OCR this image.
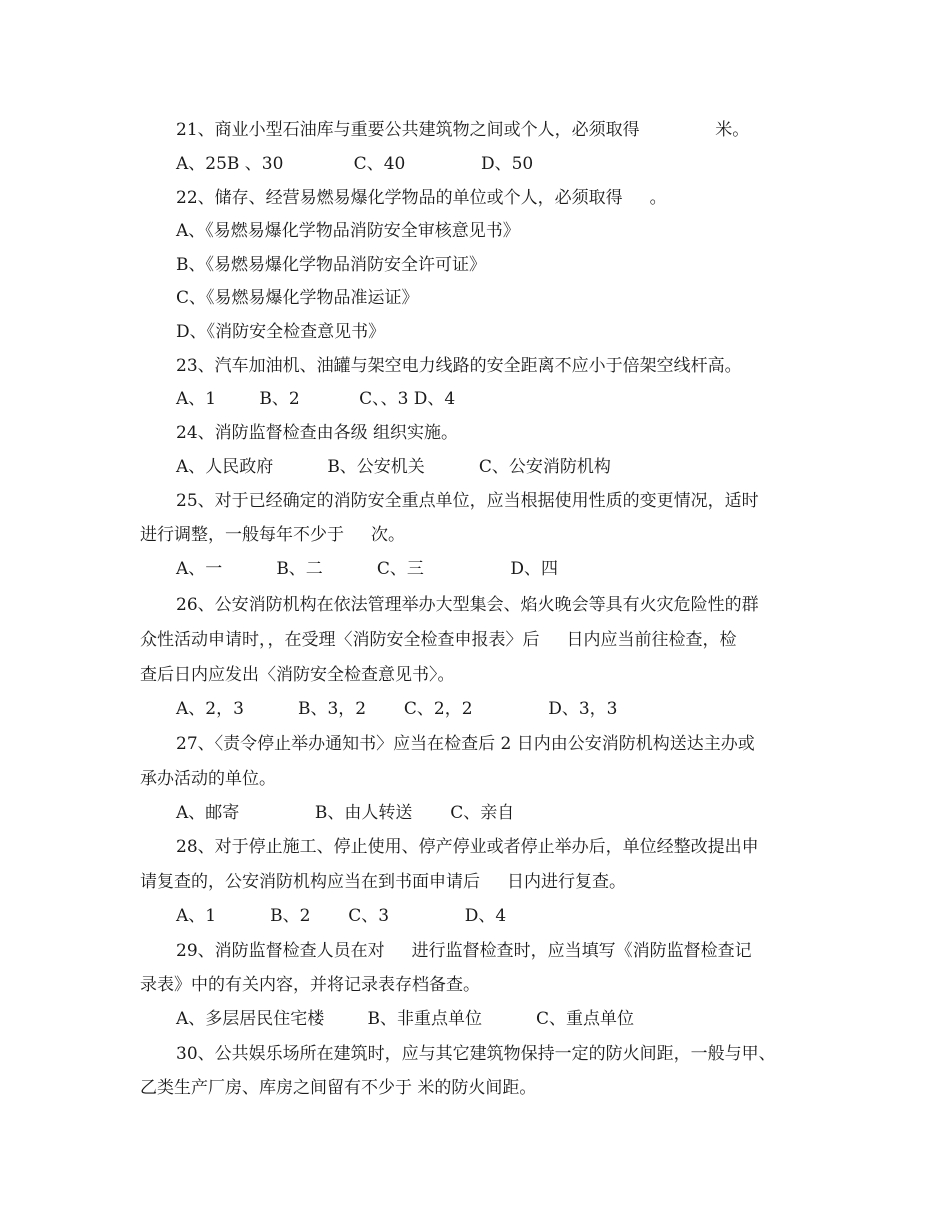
21、商业小型石油库与重要公共建筑物之间或个人，必须取得              米。
A、25B 、30             C、40              D、50
22、储存、经营易燃易爆化学物品的单位或个人，必须取得     。
A、《易燃易爆化学物品消防安全审核意见书》
B、《易燃易爆化学物品消防安全许可证》
C、《易燃易爆化学物品准运证》
D、《消防安全检查意见书》
23、汽车加油机、油罐与架空电力线路的安全距离不应小于倍架空线杆高。
A、1        B、2           C、、3 D、4
24、消防监督检查由各级 组织实施。
A、人民政府          B、公安机关          C、公安消防机构
25、对于已经确定的消防安全重点单位，应当根据使用性质的变更情况，适时
进行调整，一般每年不少于     次。
A、一          B、二          C、三                D、四
26、公安消防机构在依法管理举办大型集会、焰火晚会等具有火灾危险性的群
众性活动申请时，，在受理〈消防安全检查申报表〉后     日内应当前往检查，检
查后日内应发出〈消防安全检查意见书〉。
A、2，3          B、3，2       C、2，2              D、3，3
27、〈责令停止举办通知书〉应当在检查后 2 日内由公安消防机构送达主办或
承办活动的单位。
A、邮寄              B、由人转送       C、亲自
28、对于停止施工、停止使用、停产停业或者停止举办后，单位经整改提出申
请复查的，公安消防机构应当在到书面申请后     日内进行复查。
A、1          B、2       C、3              D、4
29、消防监督检查人员在对     进行监督检查时，应当填写《消防监督检查记
录表》中的有关内容，并将记录表存档备查。
A、多层居民住宅楼        B、非重点单位          C、重点单位
30、公共娱乐场所在建筑时，应与其它建筑物保持一定的防火间距，一般与甲、
乙类生产厂房、库房之间留有不少于 米的防火间距。
